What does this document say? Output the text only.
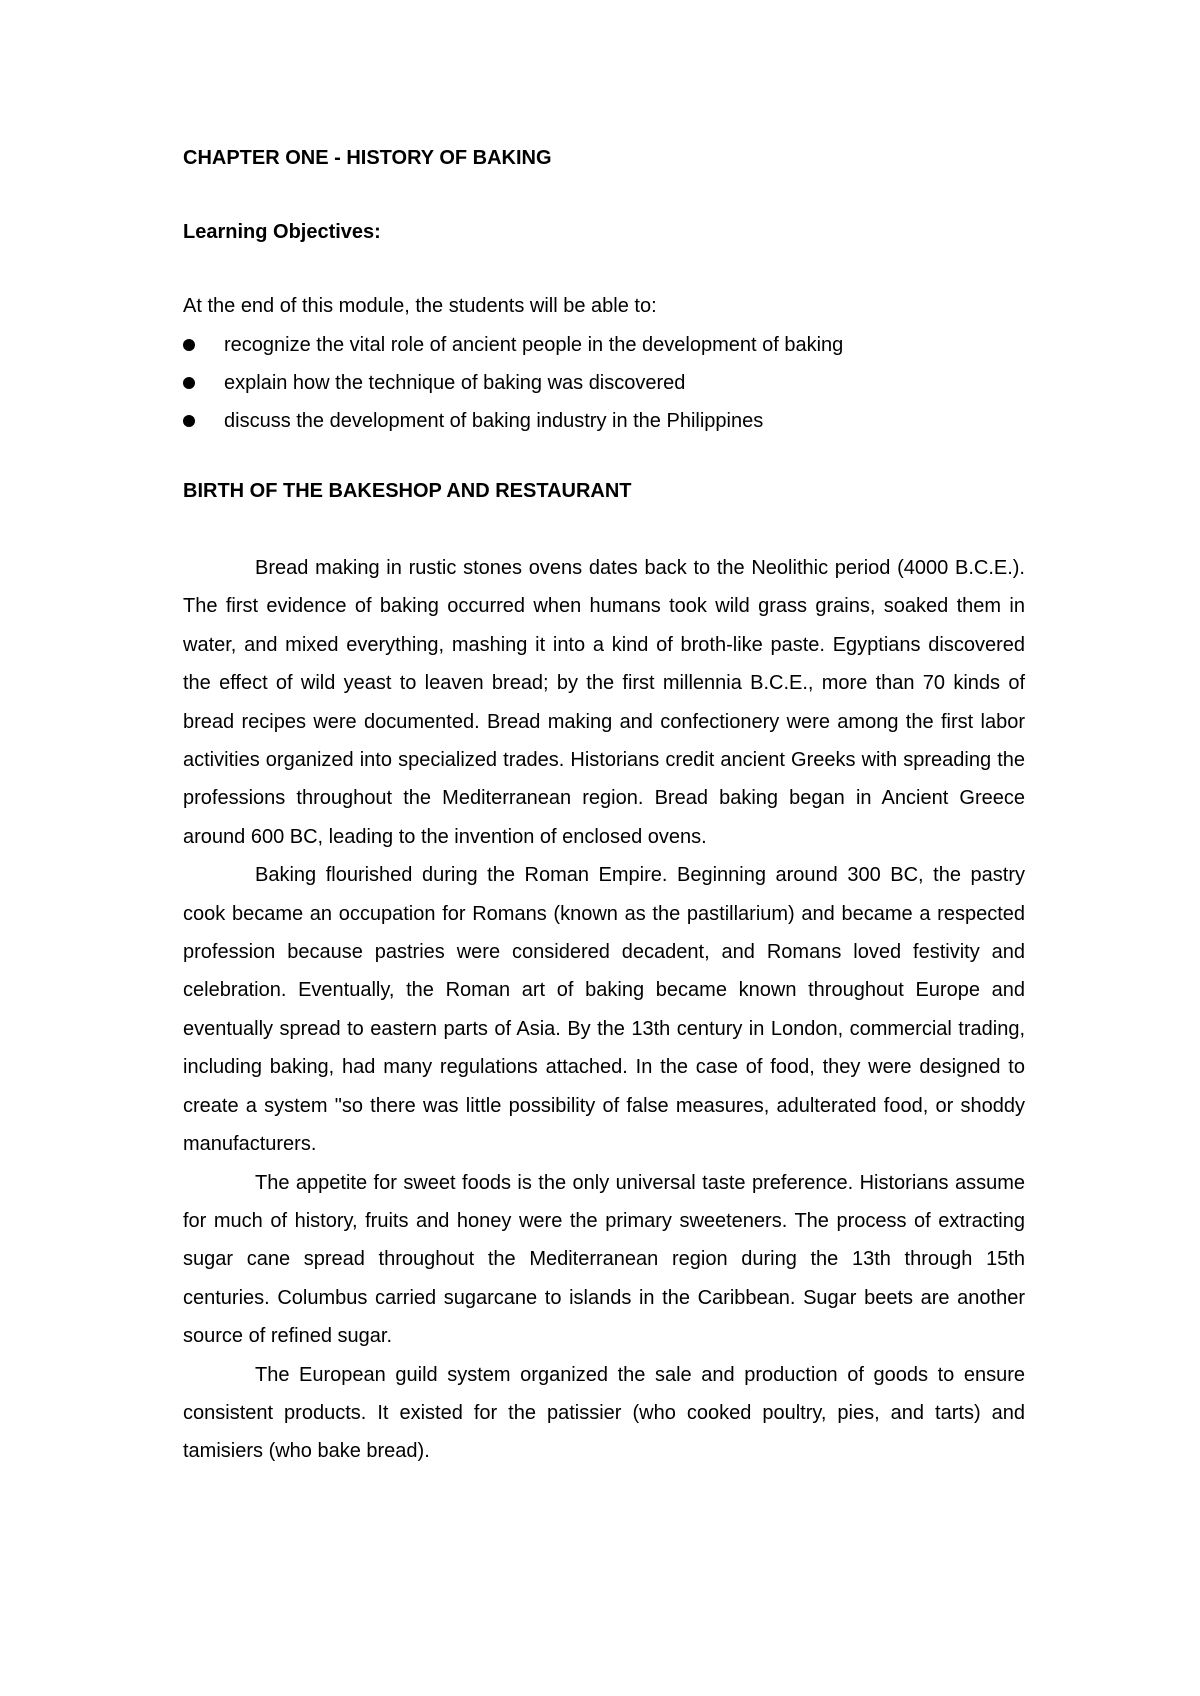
CHAPTER ONE - HISTORY OF BAKING
Learning Objectives:

At the end of this module, the students will be able to:

recognize the vital role of ancient people in the development of baking
explain how the technique of baking was discovered
discuss the development of baking industry in the Philippines
BIRTH OF THE BAKESHOP AND RESTAURANT

Bread making in rustic stones ovens dates back to the Neolithic period (4000 B.C.E.). The first evidence of baking occurred when humans took wild grass grains, soaked them in water, and mixed everything, mashing it into a kind of broth-like paste. Egyptians discovered the effect of wild yeast to leaven bread; by the first millennia B.C.E., more than 70 kinds of bread recipes were documented. Bread making and confectionery were among the first labor activities organized into specialized trades. Historians credit ancient Greeks with spreading the professions throughout the Mediterranean region. Bread baking began in Ancient Greece around 600 BC, leading to the invention of enclosed ovens.

Baking flourished during the Roman Empire. Beginning around 300 BC, the pastry cook became an occupation for Romans (known as the pastillarium) and became a respected profession because pastries were considered decadent, and Romans loved festivity and celebration. Eventually, the Roman art of baking became known throughout Europe and eventually spread to eastern parts of Asia. By the 13th century in London, commercial trading, including baking, had many regulations attached. In the case of food, they were designed to create a system "so there was little possibility of false measures, adulterated food, or shoddy manufacturers.

The appetite for sweet foods is the only universal taste preference. Historians assume for much of history, fruits and honey were the primary sweeteners. The process of extracting sugar cane spread throughout the Mediterranean region during the 13th through 15th centuries. Columbus carried sugarcane to islands in the Caribbean. Sugar beets are another source of refined sugar.

The European guild system organized the sale and production of goods to ensure consistent products. It existed for the patissier (who cooked poultry, pies, and tarts) and tamisiers (who bake bread).
